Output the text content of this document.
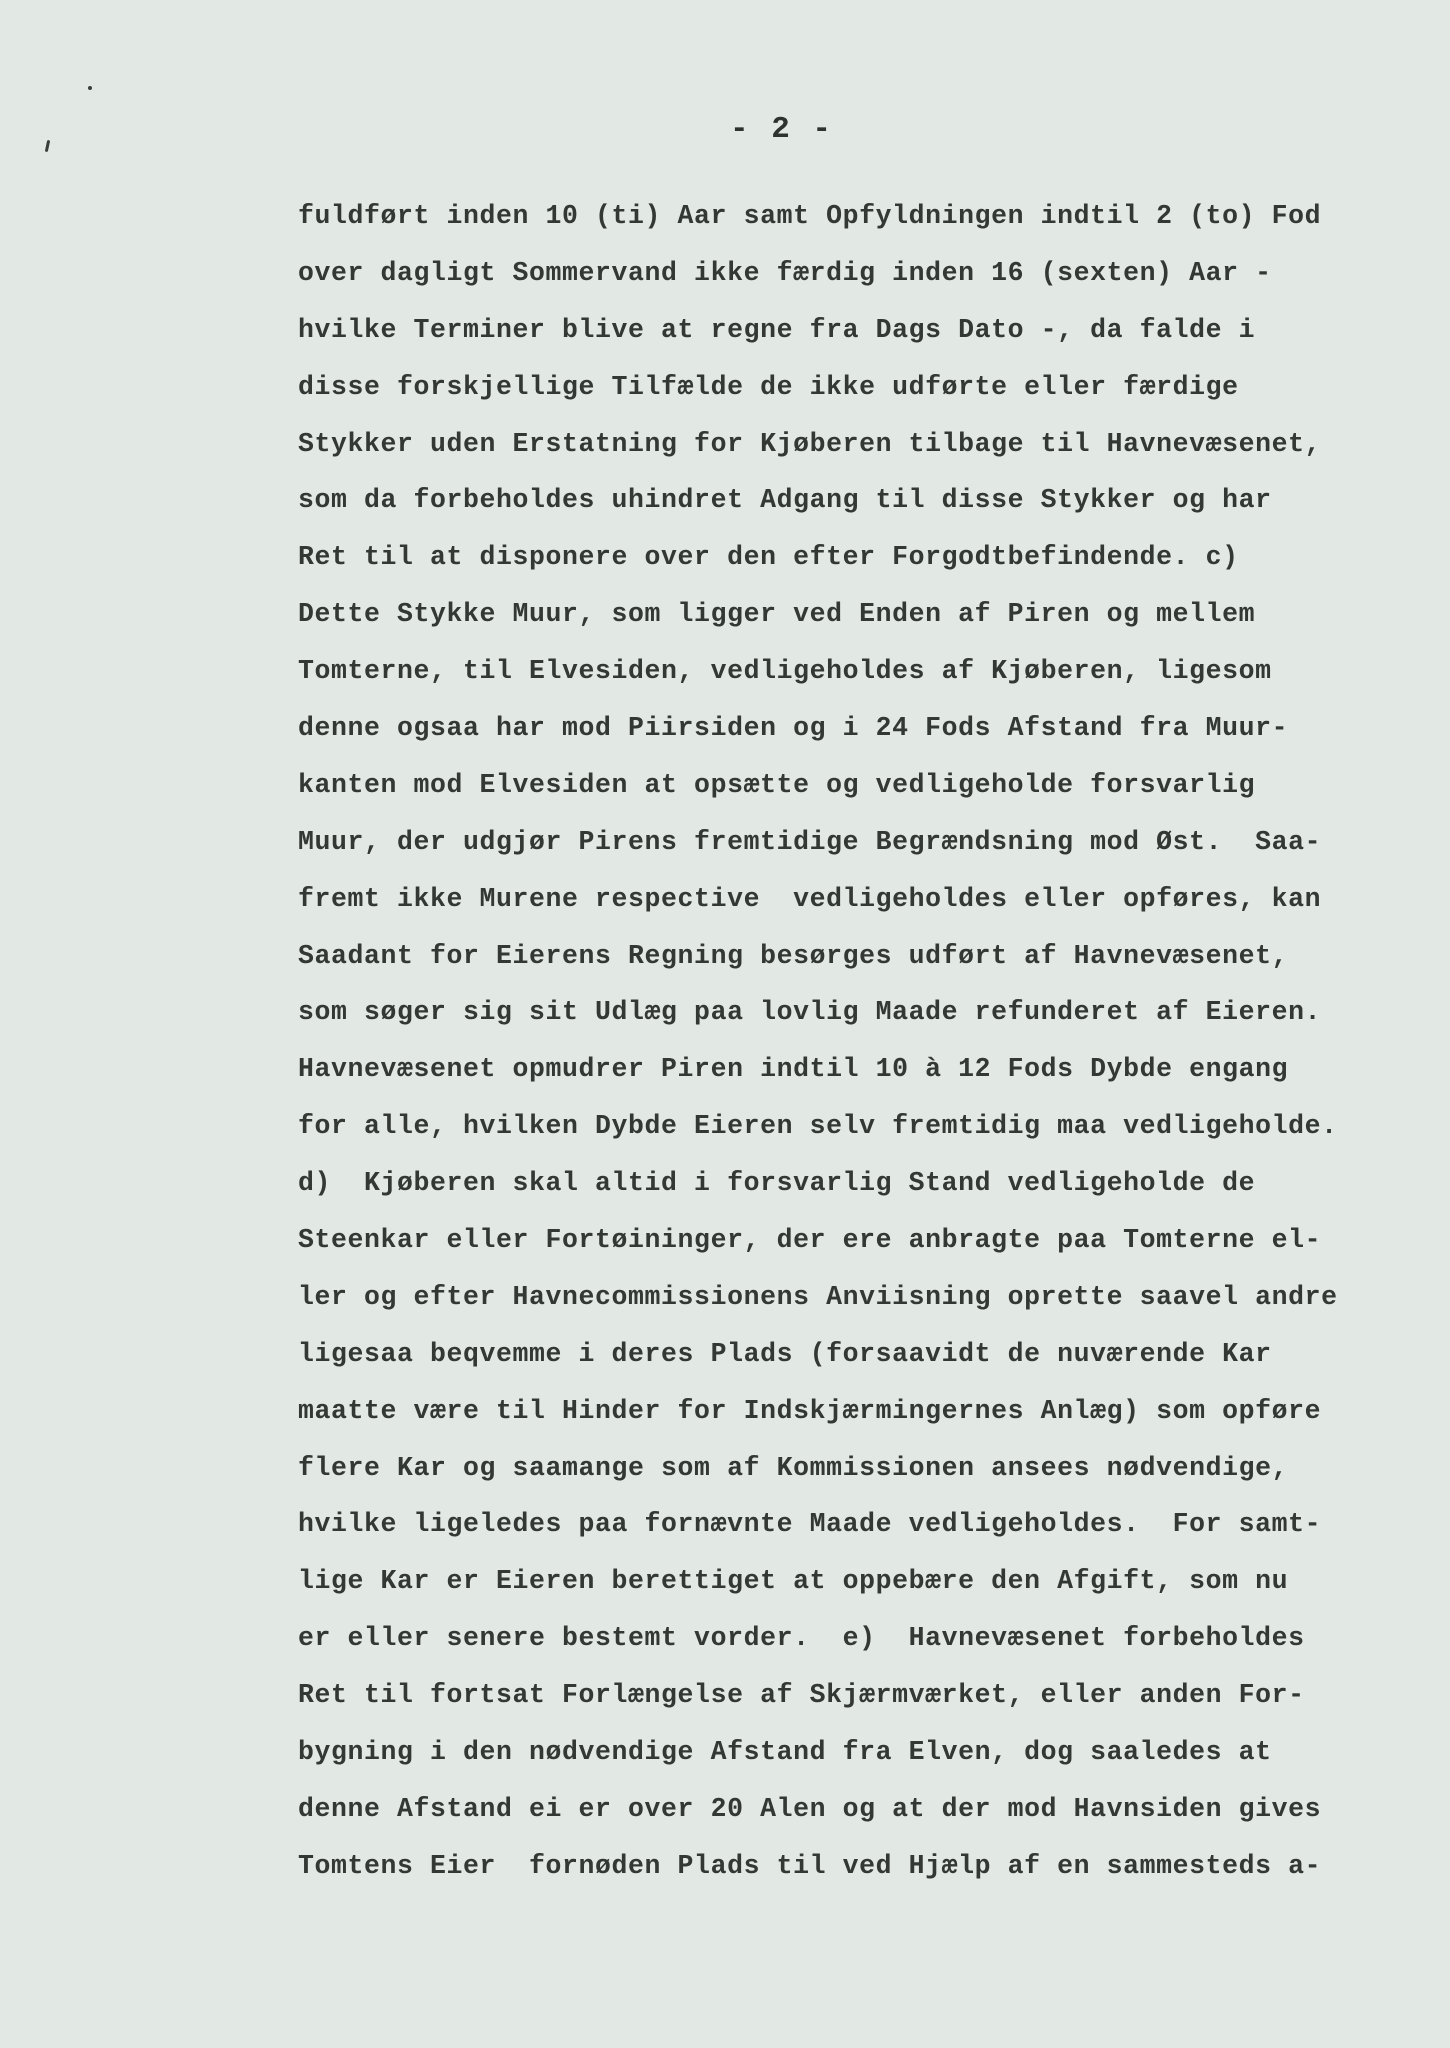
- 2 -
fuldført inden 10 (ti) Aar samt Opfyldningen indtil 2 (to) Fod
over dagligt Sommervand ikke færdig inden 16 (sexten) Aar -
hvilke Terminer blive at regne fra Dags Dato -, da falde i
disse forskjellige Tilfælde de ikke udførte eller færdige
Stykker uden Erstatning for Kjøberen tilbage til Havnevæsenet,
som da forbeholdes uhindret Adgang til disse Stykker og har
Ret til at disponere over den efter Forgodtbefindende. c)
Dette Stykke Muur, som ligger ved Enden af Piren og mellem
Tomterne, til Elvesiden, vedligeholdes af Kjøberen, ligesom
denne ogsaa har mod Piirsiden og i 24 Fods Afstand fra Muur-
kanten mod Elvesiden at opsætte og vedligeholde forsvarlig
Muur, der udgjør Pirens fremtidige Begrændsning mod Øst.  Saa-
fremt ikke Murene respective  vedligeholdes eller opføres, kan
Saadant for Eierens Regning besørges udført af Havnevæsenet,
som søger sig sit Udlæg paa lovlig Maade refunderet af Eieren.
Havnevæsenet opmudrer Piren indtil 10 à 12 Fods Dybde engang
for alle, hvilken Dybde Eieren selv fremtidig maa vedligeholde.
d)  Kjøberen skal altid i forsvarlig Stand vedligeholde de
Steenkar eller Fortøininger, der ere anbragte paa Tomterne el-
ler og efter Havnecommissionens Anviisning oprette saavel andre
ligesaa beqvemme i deres Plads (forsaavidt de nuværende Kar
maatte være til Hinder for Indskjærmingernes Anlæg) som opføre
flere Kar og saamange som af Kommissionen ansees nødvendige,
hvilke ligeledes paa fornævnte Maade vedligeholdes.  For samt-
lige Kar er Eieren berettiget at oppebære den Afgift, som nu
er eller senere bestemt vorder.  e)  Havnevæsenet forbeholdes
Ret til fortsat Forlængelse af Skjærmværket, eller anden For-
bygning i den nødvendige Afstand fra Elven, dog saaledes at
denne Afstand ei er over 20 Alen og at der mod Havnsiden gives
Tomtens Eier  fornøden Plads til ved Hjælp af en sammesteds a-
